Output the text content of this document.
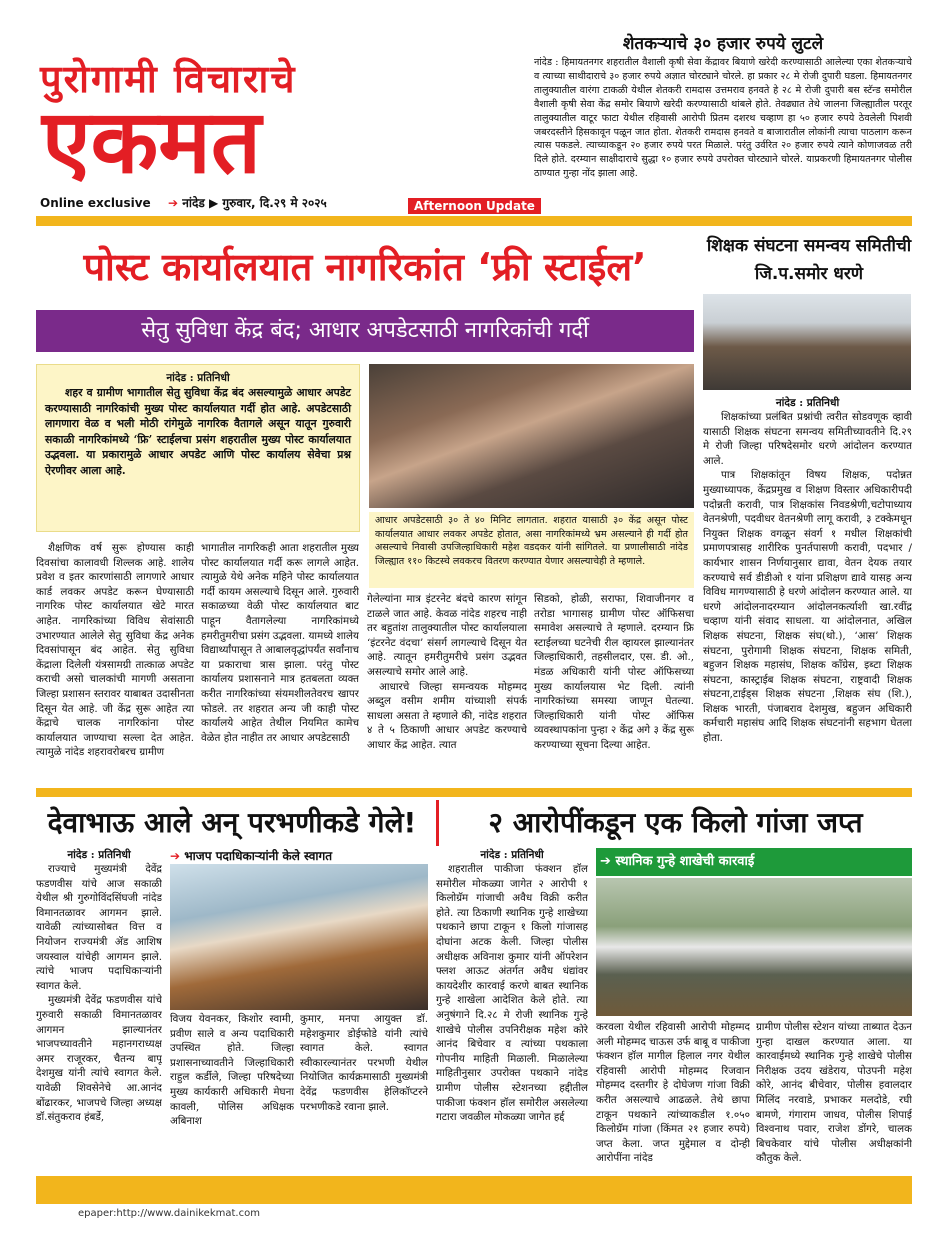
पुरोगामी विचाराचे
एकमत
Online exclusive ➔ नांदेड ▶ गुरुवार, दि.२९ मे २०२५	Afternoon Update
शेतकऱ्याचे ३० हजार रुपये लुटले
नांदेड : हिमायतनगर शहरातील वैशाली कृषी सेवा केंद्रावर बियाणे खरेदी करण्यासाठी आलेल्या एका शेतकऱ्याचे व त्याच्या साथीदाराचे ३० हजार रुपये अज्ञात चोरट्याने चोरले. हा प्रकार २८ मे रोजी दुपारी घडला. हिमायतनगर तालुक्यातील वारंगा टाकळी येथील शेतकरी रामदास उत्तमराव हनवते हे २८ मे रोजी दुपारी बस स्टॅन्ड समोरील वैशाली कृषी सेवा केंद्र समोर बियाणे खरेदी करण्यासाठी थांबले होते. तेवढ्यात तेथे जालना जिल्ह्यातील परतूर तालुक्यातील वाटूर फाटा येथील रहिवासी आरोपी प्रितम दशरथ चव्हाण हा ५० हजार रुपये ठेवलेली पिशवी जबरदस्तीने हिसकावून पळून जात होता. शेतकरी रामदास हनवते व बाजारातील लोकांनी त्याचा पाठलाग करून त्यास पकडले. त्याच्याकडून २० हजार रुपये परत मिळाले. परंतु उर्वरित २० हजार रुपये त्याने कोणाजवळ तरी दिले होते. दरम्यान साक्षीदाराचे सुद्धा १० हजार रुपये उपरोक्त चोरट्याने चोरले. याप्रकरणी हिमायतनगर पोलीस ठाण्यात गुन्हा नोंद झाला आहे.
पोस्ट कार्यालयात नागरिकांत ‘फ्री स्टाईल’
सेतु सुविधा केंद्र बंद; आधार अपडेटसाठी नागरिकांची गर्दी
शिक्षक संघटना समन्वय समितीची जि.प.समोर धरणे
नांदेड : प्रतिनिधी
शिक्षकांच्या प्रलंबित प्रश्नांची त्वरीत सोडवणूक व्हावी यासाठी शिक्षक संघटना समन्वय समितीच्यावतीने दि.२९ मे रोजी जिल्हा परिषदेसमोर धरणे आंदोलन करण्यात आले.
पात्र शिक्षकांतून विषय शिक्षक, पदोन्नत मुख्याध्यापक, केंद्रप्रमुख व शिक्षण विस्तार अधिकारीपदी पदोन्नती करावी, पात्र शिक्षकांस निवडश्रेणी,चटोपाध्याय वेतनश्रेणी, पदवीधर वेतनश्रेणी लागू करावी, ३ टक्केमधून नियुक्त शिक्षक वगळून संवर्ग १ मधील शिक्षकांची प्रमाणपत्रासह शारीरिक पुनर्तपासणी करावी, पदभार / कार्यभार शासन निर्णयानुसार द्यावा, वेतन देयक तयार करण्याचे सर्व डीडीओ १ यांना प्रशिक्षण द्यावे यासह अन्य विविध मागण्यासाठी हे धरणे आंदोलन करण्यात आले. या धरणे आंदोलनादरम्यान आंदोलनकर्त्याशी खा.रवींद्र चव्हाण यांनी संवाद साधला. या आंदोलनात, अखिल शिक्षक संघटना, शिक्षक संघ(थो.), ‘आस’ शिक्षक संघटना, पुरोगामी शिक्षक संघटना, शिक्षक समिती, बहुजन शिक्षक महासंघ, शिक्षक कॉंग्रेस, इब्टा शिक्षक संघटना, कास्ट्राईब शिक्षक संघटना, राष्ट्रवादी शिक्षक संघटना,टाईड्स शिक्षक संघटना ,शिक्षक संघ (शि.), शिक्षक भारती, पंजाबराव देशमुख, बहुजन अधिकारी कर्मचारी महासंघ आदि शिक्षक संघटनांनी सहभाग घेतला होता.
नांदेड : प्रतिनिधी
शहर व ग्रामीण भागातील सेतु सुविधा केंद्र बंद असल्यामुळे आधार अपडेट करण्यासाठी नागरिकांची मुख्य पोस्ट कार्यालयात गर्दी होत आहे. अपडेटसाठी लागणारा वेळ व भली मोठी रांगेमुळे नागरिक वैतागले असून यातून गुरुवारी सकाळी नागरिकांमध्ये ‘फ्रि’ स्टाईलचा प्रसंग शहरातील मुख्य पोस्ट कार्यालयात उद्भवला. या प्रकारामुळे आधार अपडेट आणि पोस्ट कार्यालय सेवेचा प्रश्न ऐरणीवर आला आहे.
आधार अपडेटसाठी ३० ते ४० मिनिट लागतात. शहरात यासाठी ३० केंद्र असून पोस्ट कार्यालयात आधार लवकर अपडेट होतात, असा नागरिकांमध्ये भ्रम असल्याने ही गर्दी होत असल्याचे निवासी उपजिल्हाधिकारी महेश वडदकर यांनी सांगितले. या प्रणालीसाठी नांदेड जिल्ह्यात ११० किटस्चे लवकरच वितरण करण्यात येणार असल्याचेही ते म्हणाले.
शैक्षणिक वर्ष सुरू होण्यास काही दिवसांचा कालावधी शिल्लक आहे. शालेय प्रवेश व इतर कारणांसाठी लागणारे आधार कार्ड लवकर अपडेट करून घेण्यासाठी नागरिक पोस्ट कार्यालयात खेटे मारत आहेत. नागरिकांच्या विविध सेवांसाठी उभारण्यात आलेले सेतु सुविधा केंद्र अनेक दिवसांपासून बंद आहेत. सेतु सुविधा केंद्राला दिलेली यंत्रसामग्री तात्काळ अपडेट कराची असो चालकांची मागणी असताना जिल्हा प्रशासन स्तरावर याबाबत उदासीनता दिसून येत आहे. जी केंद्र सुरू आहेत त्या केंद्राचे चालक नागरिकांना पोस्ट कार्यालयात जाण्याचा सल्ला देत आहेत. त्यामुळे नांदेड शहरावरोबरच ग्रामीण
भागातील नागरिकही आता शहरातील मुख्य पोस्ट कार्यालयात गर्दी करू लागले आहेत. त्यामुळे येथे अनेक महिने पोस्ट कार्यालयात गर्दी कायम असल्याचे दिसून आले. गुरुवारी सकाळच्या वेळी पोस्ट कार्यालयात बाट पाहून वैतागलेल्या नागरिकांमध्ये हमरीतुमरीचा प्रसंग उद्भवला. यामध्ये शालेय विद्यार्थ्यांपासून ते आबालवृद्धांपर्यंत सर्वांनाच या प्रकाराचा त्रास झाला. परंतु पोस्ट कार्यालय प्रशासनाने मात्र हतबलता व्यक्त करीत नागरिकांच्या संयमशीलतेवरच खापर फोडले. तर शहरात अन्य जी काही पोस्ट कार्यालये आहेत तेथील नियमित कामेच वेळेत होत नाहीत तर आधार अपडेटसाठी
गेलेल्यांना मात्र इंटरनेट बंदचे कारण सांगून टाळले जात आहे. केवळ नांदेड शहरच नाही तर बहुतांश तालुक्यातील पोस्ट कार्यालयाला ‘इंटरनेट वंदचा’ संसर्ग लागल्याचे दिसून येत आहे. त्यातून हमरीतुमरीचे प्रसंग उद्भवत असल्याचे समोर आले आहे.
आधारचे जिल्हा समन्वयक मोहम्मद अब्दुल वसीम शमीम यांच्याशी संपर्क साधला असता ते म्हणाले की, नांदेड शहरात ४ ते ५ ठिकाणी आधार अपडेट करण्याचे आधार केंद्र आहेत. त्यात
सिडको, होळी, सराफा, शिवाजीनगर व तरोडा भागासह ग्रामीण पोस्ट ऑफिसचा समावेश असल्याचे ते म्हणाले. दरम्यान फ्रि स्टाईलच्या घटनेची रील व्हायरल झाल्यानंतर जिल्हाधिकारी, तहसीलदार, एस. डी. ओ., मंडळ अधिकारी यांनी पोस्ट ऑफिसच्या मुख्य कार्यालयास भेट दिली. त्यांनी नागरिकांच्या समस्या जाणून घेतल्या. जिल्हाधिकारी यांनी पोस्ट ऑफिस व्यवस्थापकांना पुन्हा २ केंद्र अगे ३ केंद्र सुरू करण्याच्या सूचना दिल्या आहेत.
देवाभाऊ आले अन् परभणीकडे गेले!
➔ भाजप पदाधिकाऱ्यांनी केले स्वागत
नांदेड : प्रतिनिधी
राज्याचे मुख्यमंत्री देवेंद्र फडणवीस यांचे आज सकाळी येथील श्री गुरुगोविंदसिंघजी नांदेड विमानतळावर आगमन झाले. यावेळी त्यांच्यासोबत वित्त व नियोजन राज्यमंत्री ॲड आशिष जयस्वाल यांचेही आगमन झाले. त्यांचे भाजप पदाधिकाऱ्यांनी स्वागत केले.
मुख्यमंत्री देवेंद्र फडणवीस यांचे गुरुवारी सकाळी विमानतळावर आगमन झाल्यानंतर भाजपच्यावतीने महानगराध्यक्ष अमर राजूरकर, चैतन्य बापू देशमुख यांनी त्यांचे स्वागत केले. यावेळी शिवसेनेचे आ.आनंद बोंढारकर, भाजपचे जिल्हा अध्यक्ष डॉ.संतुकराव हंबर्डे,
विजय येवनकर, किशोर स्वामी, प्रवीण साले व अन्य पदाधिकारी उपस्थित होते. जिल्हा प्रशासनाच्यावतीने जिल्हाधिकारी राहुल कर्डीले, जिल्हा परिषदेच्या मुख्य कार्यकारी अधिकारी मेघना कावली, पोलिस अधिक्षक अबिनाश
कुमार, मनपा आयुक्त डॉ. महेशकुमार डोईफोडे यांनी त्यांचे स्वागत केले. स्वागत स्वीकारल्यानंतर परभणी येथील नियोजित कार्यक्रमासाठी मुख्यमंत्री देवेंद्र फडणवीस हेलिकॉप्टरने परभणीकडे रवाना झाले.
२ आरोपींकडून एक किलो गांजा जप्त
नांदेड : प्रतिनिधी
शहरातील पाकीजा फंक्शन हॉल समोरील मोकळ्या जागेत २ आरोपी १ किलोग्रॅम गांजाची अवैध विक्री करीत होते. त्या ठिकाणी स्थानिक गुन्हे शाखेच्या पथकाने छापा टाकून १ किलो गांजासह दोघांना अटक केली. जिल्हा पोलीस अधीक्षक अविनाश कुमार यांनी ऑपरेशन फ्लश आऊट अंतर्गत अवैध धंद्यांवर कायदेशीर कारवाई करणे बाबत स्थानिक गुन्हे शाखेला आदेशित केले होते. त्या अनुषंगाने दि.२८ मे रोजी स्थानिक गुन्हे शाखेचे पोलीस उपनिरीक्षक महेश कोरे आनंद बिचेवार व त्यांच्या पथकाला गोपनीय माहिती मिळाली. मिळालेल्या माहितीनुसार उपरोक्त पथकाने नांदेड ग्रामीण पोलीस स्टेशनच्या हद्दीतील पाकीजा फंक्शन हॉल समोरील असलेल्या गटारा जवळील मोकळ्या जागेत हर्द्द
➔ स्थानिक गुन्हे शाखेची कारवाई
करवला येथील रहिवासी आरोपी मोहम्मद अली मोहम्मद चाऊस उर्फ बाबू व पाकीजा फंक्शन हॉल मागील हिलाल नगर येथील रहिवासी आरोपी मोहम्मद रिजवान मोहम्मद दस्तगीर हे दोघेजण गांजा विक्री करीत असल्याचे आढळले. तेथे छापा टाकून पथकाने त्यांच्याकडील १.०५० किलोग्रॅम गांजा (किंमत २१ हजार रुपये) जप्त केला. जप्त मुद्देमाल व दोन्ही आरोपींना नांदेड
ग्रामीण पोलीस स्टेशन यांच्या ताब्यात देऊन गुन्हा दाखल करण्यात आला. या कारवाईमध्ये स्थानिक गुन्हे शाखेचे पोलीस निरीक्षक उदय खंडेराय, पोउपनी महेश कोरे, आनंद बीचेवार, पोलीस हवालदार मिलिंद नरवाडे, प्रभाकर मलदोडे, रघी बामणे, गंगाराम जाधव, पोलीस शिपाई विश्वनाथ पवार, राजेश डोंगरे, चालक बिचकेवार यांचे पोलीस अधीक्षकांनी कौतुक केले.
epaper:http://www.dainikekmat.com
